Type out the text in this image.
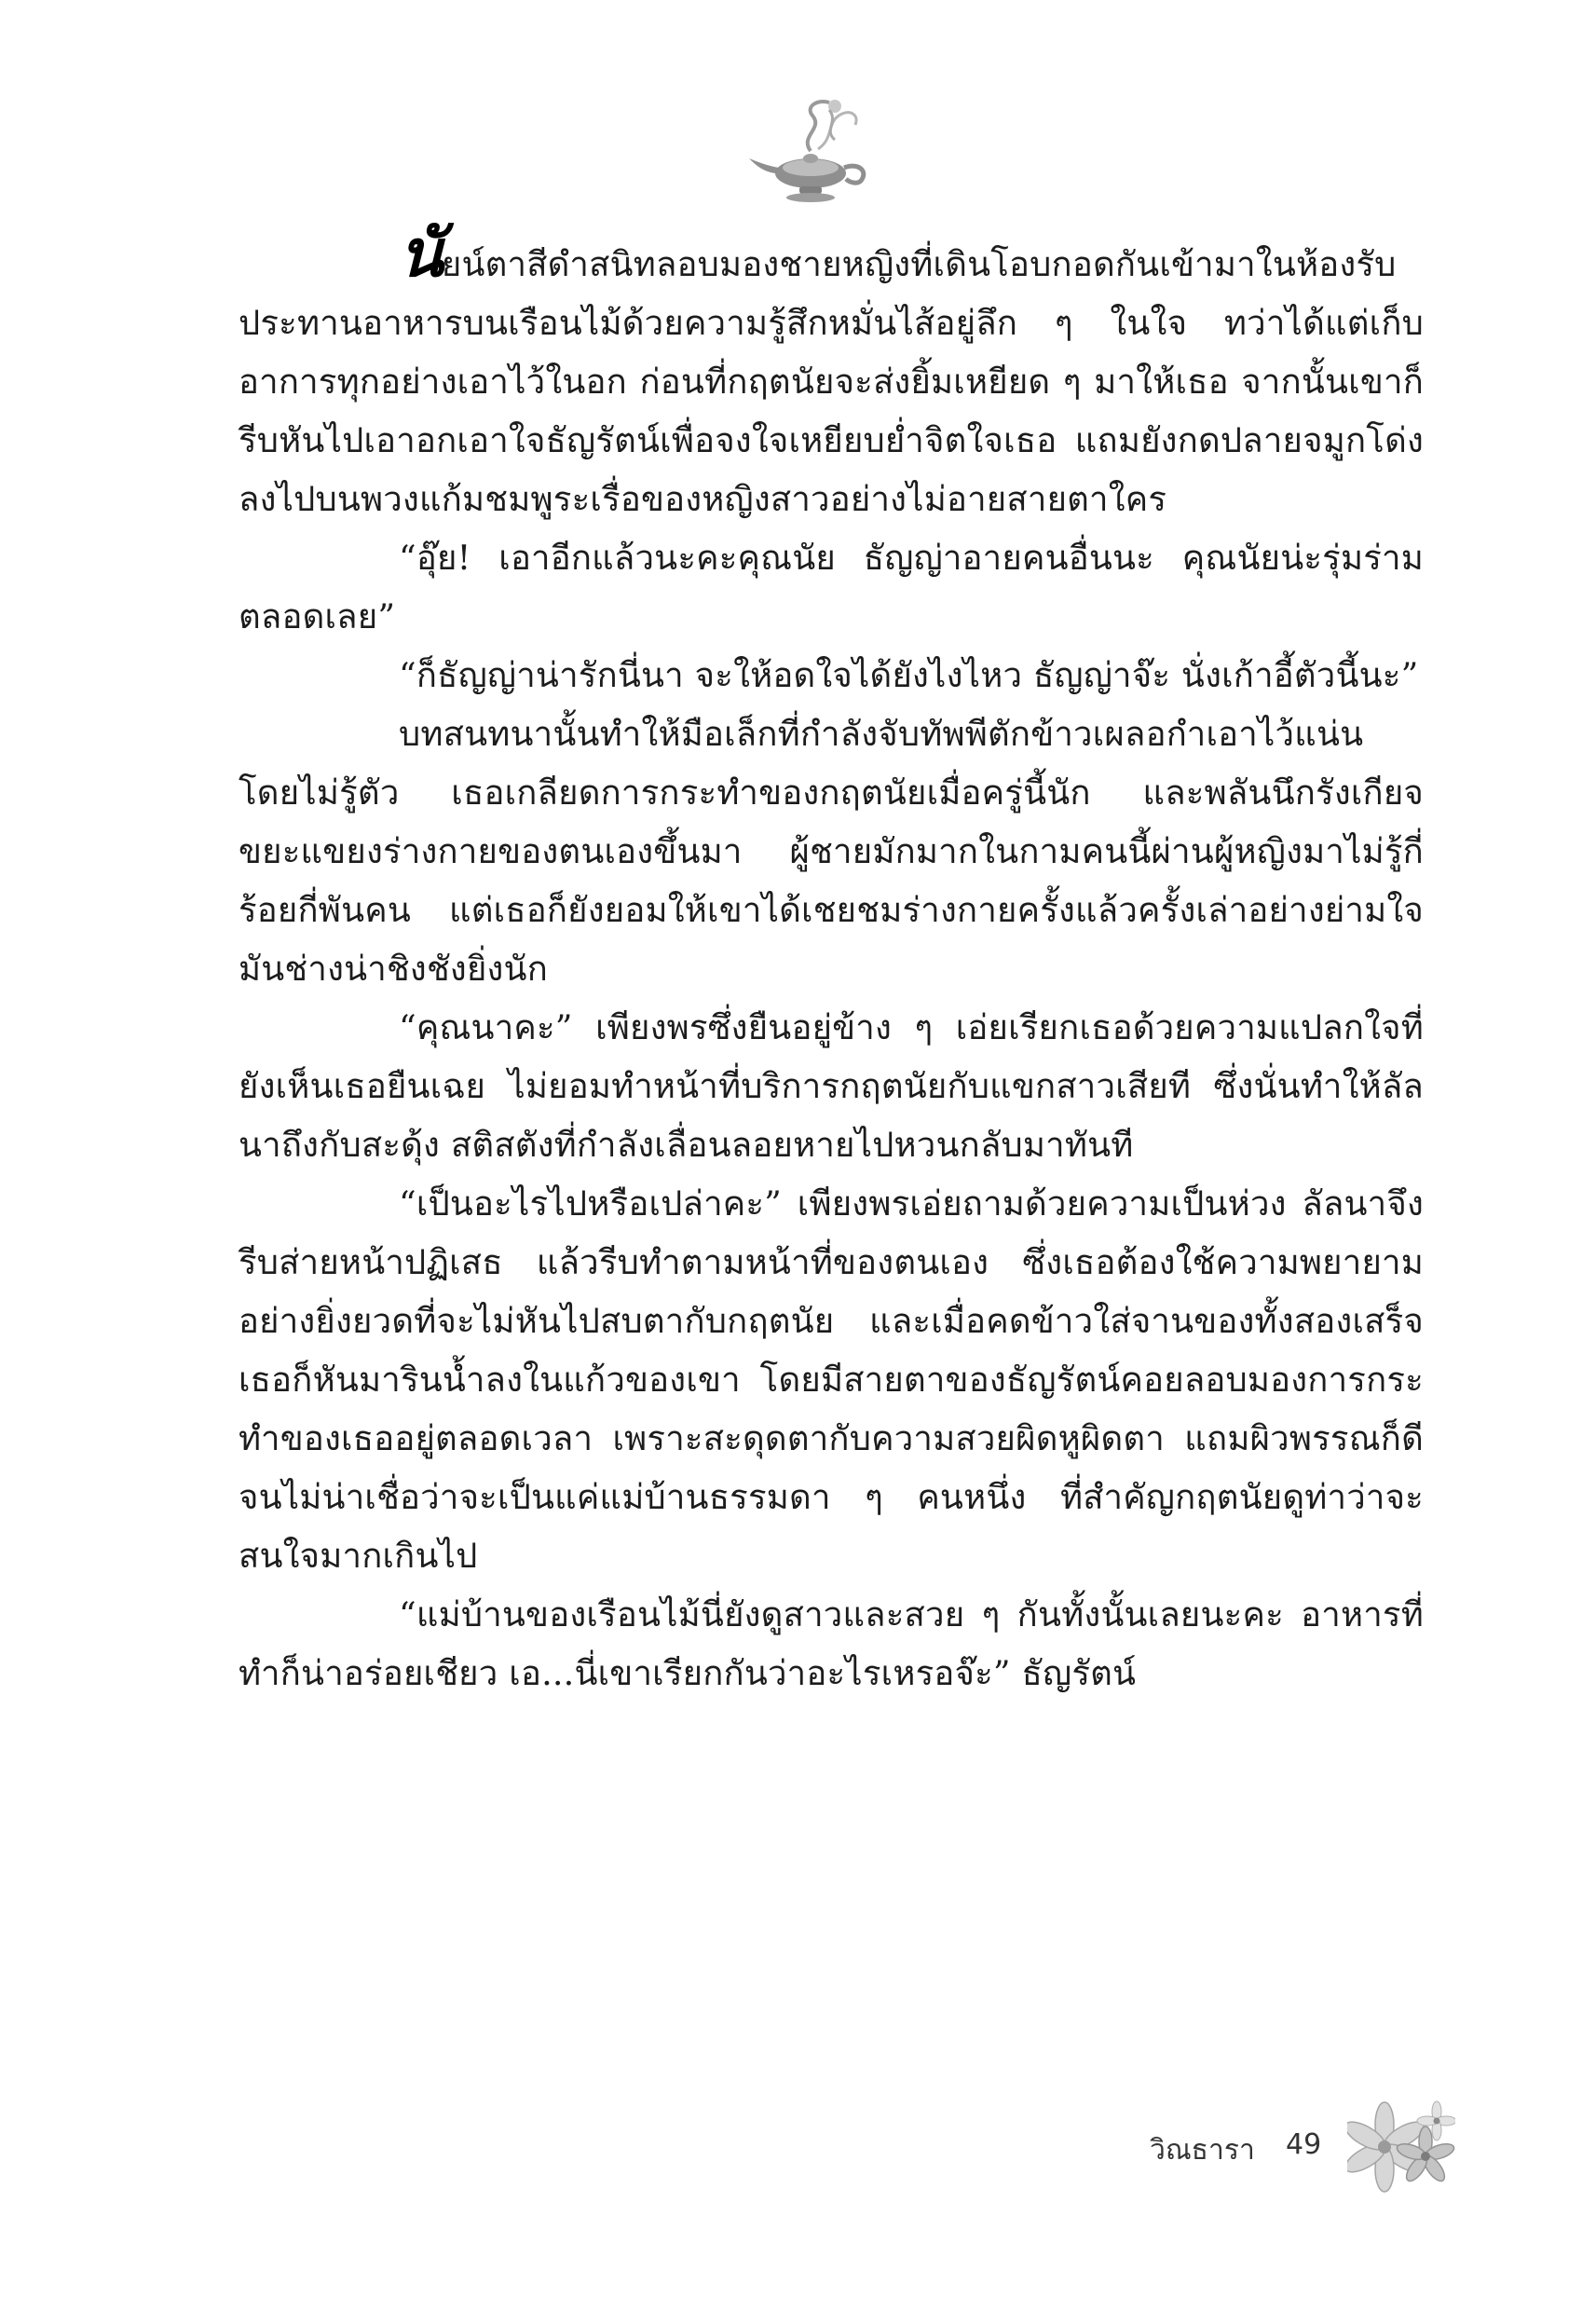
นัยน์ตาสีดำสนิทลอบมองชายหญิงที่เดินโอบกอดกันเข้ามาในห้องรับประทานอาหารบนเรือนไม้ด้วยความรู้สึกหมั่นไส้อยู่ลึก ๆ ในใจ ทว่าได้แต่เก็บอาการทุกอย่างเอาไว้ในอก ก่อนที่กฤตนัยจะส่งยิ้มเหยียด ๆ มาให้เธอ จากนั้นเขาก็รีบหันไปเอาอกเอาใจธัญรัตน์เพื่อจงใจเหยียบย่ำจิตใจเธอ แถมยังกดปลายจมูกโด่งลงไปบนพวงแก้มชมพูระเรื่อของหญิงสาวอย่างไม่อายสายตาใคร

“อุ๊ย! เอาอีกแล้วนะคะคุณนัย ธัญญ่าอายคนอื่นนะ คุณนัยน่ะรุ่มร่ามตลอดเลย”

“ก็ธัญญ่าน่ารักนี่นา จะให้อดใจได้ยังไงไหว ธัญญ่าจ๊ะ นั่งเก้าอี้ตัวนี้นะ”

บทสนทนานั้นทำให้มือเล็กที่กำลังจับทัพพีตักข้าวเผลอกำเอาไว้แน่นโดยไม่รู้ตัว เธอเกลียดการกระทำของกฤตนัยเมื่อครู่นี้นัก และพลันนึกรังเกียจขยะแขยงร่างกายของตนเองขึ้นมา ผู้ชายมักมากในกามคนนี้ผ่านผู้หญิงมาไม่รู้กี่ร้อยกี่พันคน แต่เธอก็ยังยอมให้เขาได้เชยชมร่างกายครั้งแล้วครั้งเล่าอย่างย่ามใจ มันช่างน่าชิงชังยิ่งนัก

“คุณนาคะ” เพียงพรซึ่งยืนอยู่ข้าง ๆ เอ่ยเรียกเธอด้วยความแปลกใจที่ยังเห็นเธอยืนเฉย ไม่ยอมทำหน้าที่บริการกฤตนัยกับแขกสาวเสียที ซึ่งนั่นทำให้ลัลนาถึงกับสะดุ้ง สติสตังที่กำลังเลื่อนลอยหายไปหวนกลับมาทันที

“เป็นอะไรไปหรือเปล่าคะ” เพียงพรเอ่ยถามด้วยความเป็นห่วง ลัลนาจึงรีบส่ายหน้าปฏิเสธ แล้วรีบทำตามหน้าที่ของตนเอง ซึ่งเธอต้องใช้ความพยายามอย่างยิ่งยวดที่จะไม่หันไปสบตากับกฤตนัย และเมื่อคดข้าวใส่จานของทั้งสองเสร็จเธอก็หันมารินน้ำลงในแก้วของเขา โดยมีสายตาของธัญรัตน์คอยลอบมองการกระทำของเธออยู่ตลอดเวลา เพราะสะดุดตากับความสวยผิดหูผิดตา แถมผิวพรรณก็ดีจนไม่น่าเชื่อว่าจะเป็นแค่แม่บ้านธรรมดา ๆ คนหนึ่ง ที่สำคัญกฤตนัยดูท่าว่าจะสนใจมากเกินไป

“แม่บ้านของเรือนไม้นี่ยังดูสาวและสวย ๆ กันทั้งนั้นเลยนะคะ อาหารที่ทำก็น่าอร่อยเชียว เอ...นี่เขาเรียกกันว่าอะไรเหรอจ๊ะ” ธัญรัตน์

วิณธารา 49
